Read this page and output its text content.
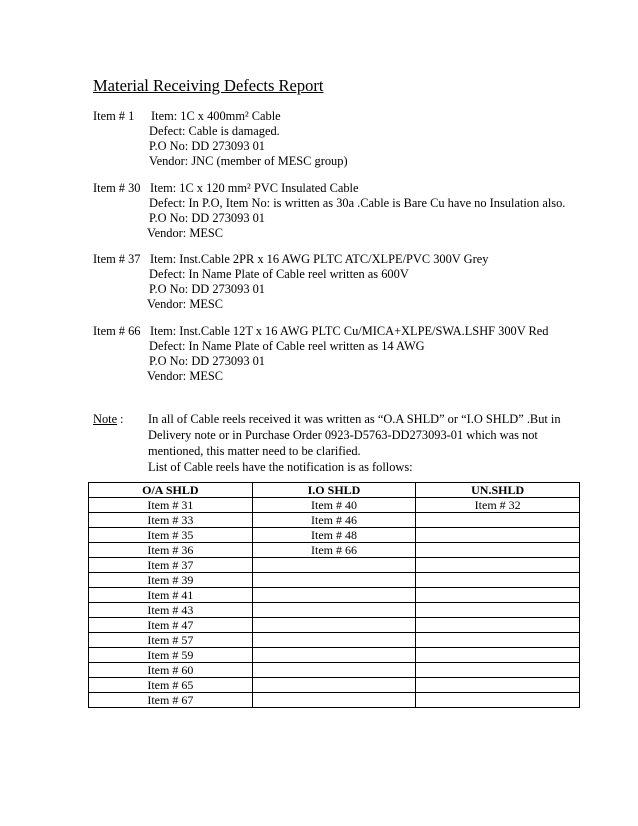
Material Receiving Defects Report
Item # 1 Item: 1C x 400mm² Cable
Defect: Cable is damaged.
P.O No: DD 273093 01
Vendor: JNC (member of MESC group)
Item # 30 Item: 1C x 120 mm² PVC Insulated Cable
Defect: In P.O, Item No: is written as 30a .Cable is Bare Cu have no Insulation also.
P.O No: DD 273093 01
Vendor: MESC
Item # 37 Item: Inst.Cable 2PR x 16 AWG PLTC ATC/XLPE/PVC 300V Grey
Defect: In Name Plate of Cable reel written as 600V
P.O No: DD 273093 01
Vendor: MESC
Item # 66 Item: Inst.Cable 12T x 16 AWG PLTC Cu/MICA+XLPE/SWA.LSHF 300V Red
Defect: In Name Plate of Cable reel written as 14 AWG
P.O No: DD 273093 01
Vendor: MESC
Note : In all of Cable reels received it was written as “O.A SHLD” or “I.O SHLD” .But in
Delivery note or in Purchase Order 0923-D5763-DD273093-01 which was not
mentioned, this matter need to be clarified.
List of Cable reels have the notification is as follows:
O/A SHLD	I.O SHLD	UN.SHLD
Item # 31	Item # 40	Item # 32
Item # 33	Item # 46	
Item # 35	Item # 48	
Item # 36	Item # 66	
Item # 37		
Item # 39		
Item # 41		
Item # 43		
Item # 47		
Item # 57		
Item # 59		
Item # 60		
Item # 65		
Item # 67		
